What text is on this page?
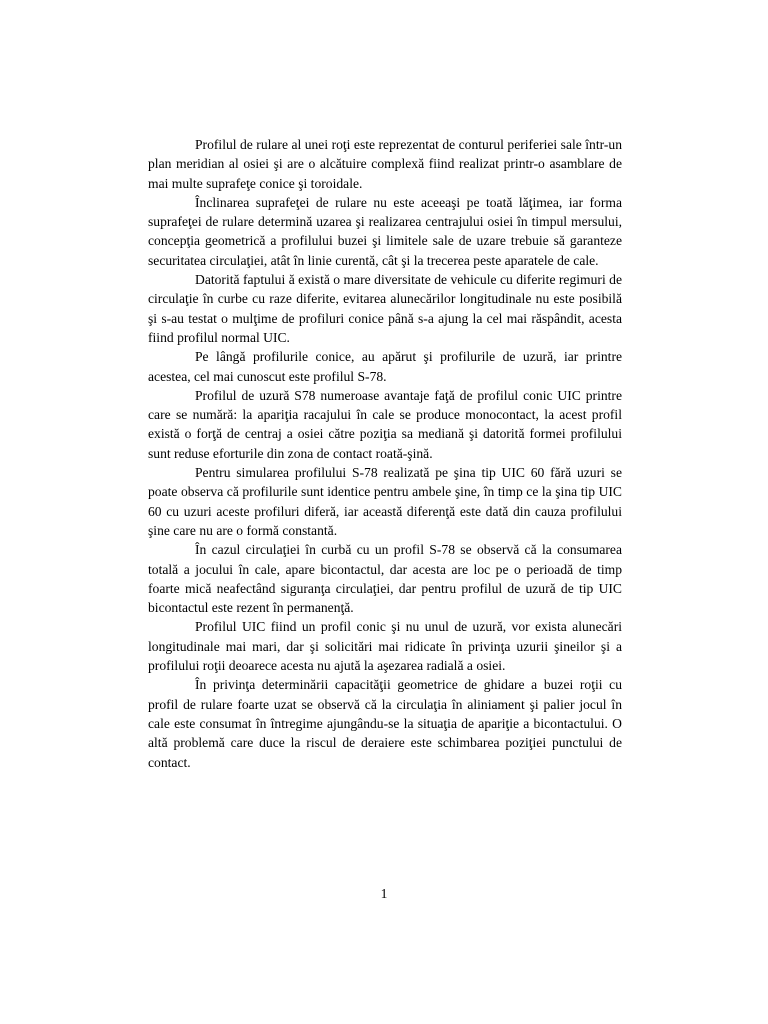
Profilul de rulare al unei roţi este reprezentat de conturul periferiei sale într-un plan meridian al osiei şi are o alcătuire complexă fiind realizat printr-o asamblare de mai multe suprafeţe conice şi toroidale.

Înclinarea suprafeţei de rulare nu este aceeaşi pe toată lăţimea, iar forma suprafeţei de rulare determină uzarea şi realizarea centrajului osiei în timpul mersului, concepţia geometrică a profilului buzei şi limitele sale de uzare trebuie să garanteze securitatea circulaţiei, atât în linie curentă, cât şi la trecerea peste aparatele de cale.

Datorită faptului ă există o mare diversitate de vehicule cu diferite regimuri de circulaţie în curbe cu raze diferite, evitarea alunecărilor longitudinale nu este posibilă şi s-au testat o mulţime de profiluri conice până s-a ajung la cel mai răspândit, acesta fiind profilul normal UIC.

Pe lângă profilurile conice, au apărut şi profilurile de uzură, iar printre acestea, cel mai cunoscut este profilul S-78.

Profilul de uzură S78 numeroase avantaje faţă de profilul conic UIC printre care se numără: la apariţia racajului în cale se produce monocontact, la acest profil există o forţă de centraj a osiei către poziţia sa mediană şi datorită formei profilului sunt reduse eforturile din zona de contact roată-şină.

Pentru simularea profilului S-78 realizată pe şina tip UIC 60 fără uzuri se poate observa că profilurile sunt identice pentru ambele şine, în timp ce la şina tip UIC 60 cu uzuri aceste profiluri diferă, iar această diferenţă este dată din cauza profilului şine care nu are o formă constantă.

În cazul circulaţiei în curbă cu un profil S-78 se observă că la consumarea totală a jocului în cale, apare bicontactul, dar acesta are loc pe o perioadă de timp foarte mică neafectând siguranţa circulaţiei, dar pentru profilul de uzură de tip UIC bicontactul este rezent în permanenţă.

Profilul UIC fiind un profil conic şi nu unul de uzură, vor exista alunecări longitudinale mai mari, dar şi solicitări mai ridicate în privinţa uzurii şineilor şi a profilului roţii deoarece acesta nu ajută la aşezarea radială a osiei.

În privinţa determinării capacităţii geometrice de ghidare a buzei roţii cu profil de rulare foarte uzat se observă că la circulaţia în aliniament şi palier jocul în cale este consumat în întregime ajungându-se la situaţia de apariţie a bicontactului. O altă problemă care duce la riscul de deraiere este schimbarea poziţiei punctului de contact.

1
